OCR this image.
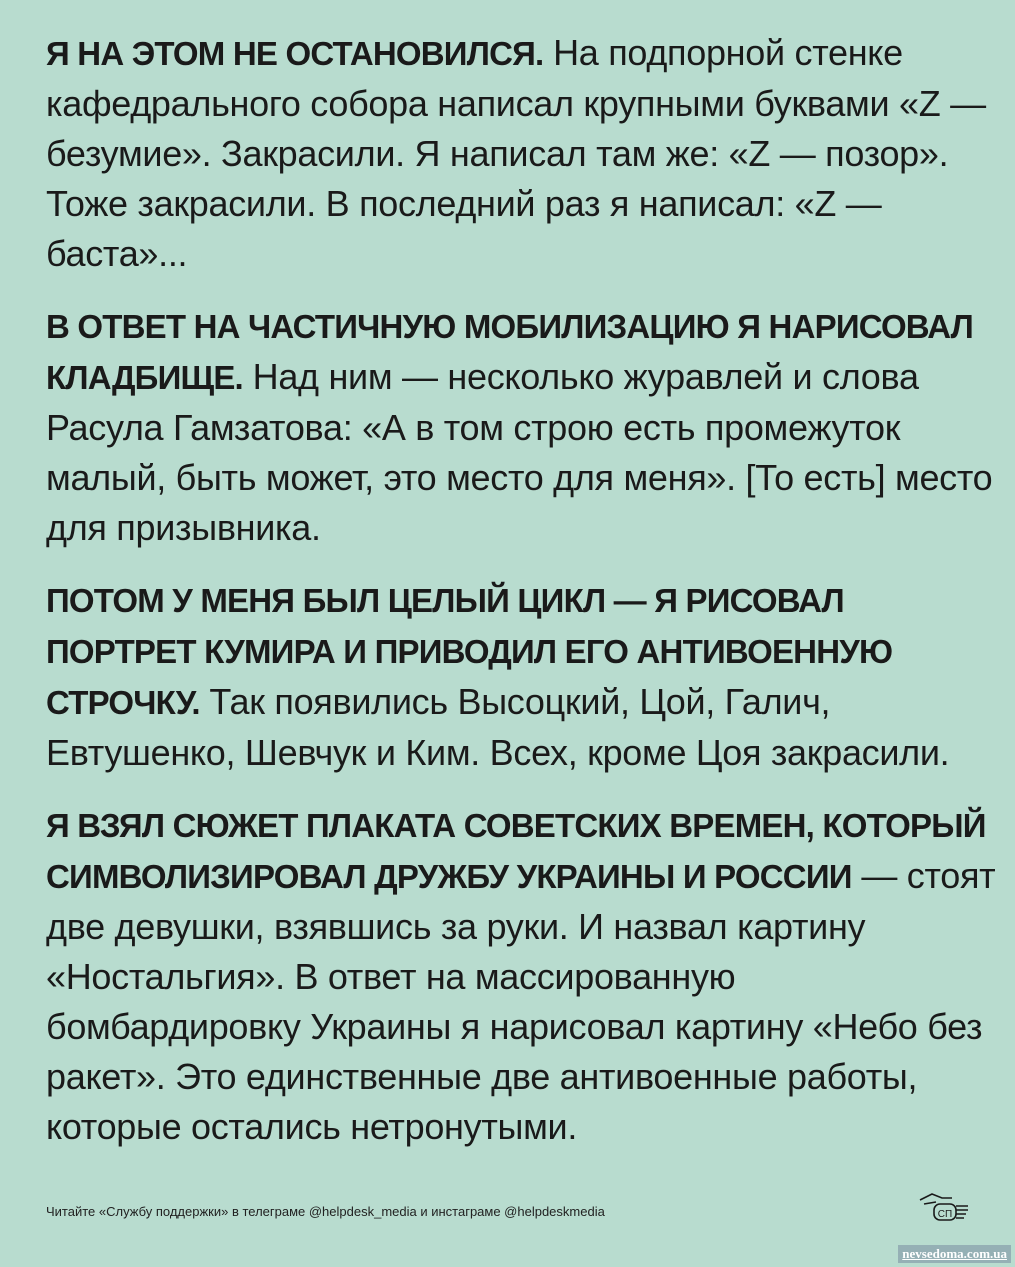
Я НА ЭТОМ НЕ ОСТАНОВИЛСЯ. На подпорной стенке кафедрального собора написал крупными буквами «Z — безумие». Закрасили. Я написал там же: «Z — позор». Тоже закрасили. В последний раз я написал: «Z — баста»...

В ОТВЕТ НА ЧАСТИЧНУЮ МОБИЛИЗАЦИЮ Я НАРИСОВАЛ КЛАДБИЩЕ. Над ним — несколько журавлей и слова Расула Гамзатова: «А в том строю есть промежуток малый, быть может, это место для меня». [То есть] место для призывника.

ПОТОМ У МЕНЯ БЫЛ ЦЕЛЫЙ ЦИКЛ — Я РИСОВАЛ ПОРТРЕТ КУМИРА И ПРИВОДИЛ ЕГО АНТИВОЕННУЮ СТРОЧКУ. Так появились Высоцкий, Цой, Галич, Евтушенко, Шевчук и Ким. Всех, кроме Цоя закрасили.

Я ВЗЯЛ СЮЖЕТ ПЛАКАТА СОВЕТСКИХ ВРЕМЕН, КОТОРЫЙ СИМВОЛИЗИРОВАЛ ДРУЖБУ УКРАИНЫ И РОССИИ — стоят две девушки, взявшись за руки. И назвал картину «Ностальгия». В ответ на массированную бомбардировку Украины я нарисовал картину «Небо без ракет». Это единственные две антивоенные работы, которые остались нетронутыми.

Читайте «Службу поддержки» в телеграме @helpdesk_media и инстаграме @helpdeskmedia	СП
nevsedoma.com.ua
